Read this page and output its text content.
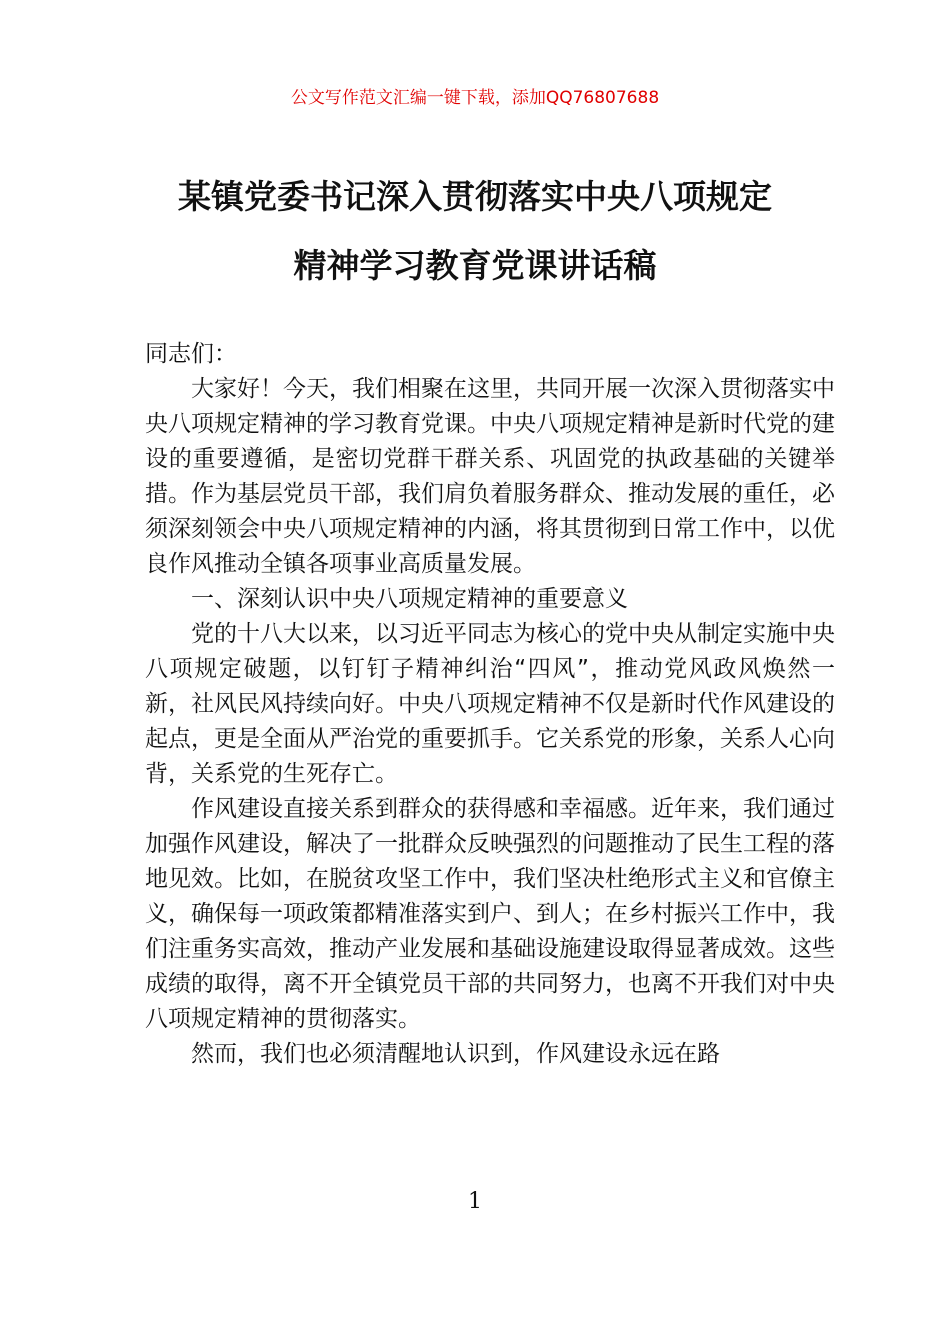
公文写作范文汇编一键下载，添加QQ76807688
某镇党委书记深入贯彻落实中央八项规定
精神学习教育党课讲话稿

同志们：

大家好！今天，我们相聚在这里，共同开展一次深入贯彻落实中央八项规定精神的学习教育党课。中央八项规定精神是新时代党的建设的重要遵循，是密切党群干群关系、巩固党的执政基础的关键举措。作为基层党员干部，我们肩负着服务群众、推动发展的重任，必须深刻领会中央八项规定精神的内涵，将其贯彻到日常工作中，以优良作风推动全镇各项事业高质量发展。

一、深刻认识中央八项规定精神的重要意义

党的十八大以来，以习近平同志为核心的党中央从制定实施中央八项规定破题，以钉钉子精神纠治“四风”，推动党风政风焕然一新，社风民风持续向好。中央八项规定精神不仅是新时代作风建设的起点，更是全面从严治党的重要抓手。它关系党的形象，关系人心向背，关系党的生死存亡。

作风建设直接关系到群众的获得感和幸福感。近年来，我们通过加强作风建设，解决了一批群众反映强烈的问题推动了民生工程的落地见效。比如，在脱贫攻坚工作中，我们坚决杜绝形式主义和官僚主义，确保每一项政策都精准落实到户、到人；在乡村振兴工作中，我们注重务实高效，推动产业发展和基础设施建设取得显著成效。这些成绩的取得，离不开全镇党员干部的共同努力，也离不开我们对中央八项规定精神的贯彻落实。

然而，我们也必须清醒地认识到，作风建设永远在路

1
